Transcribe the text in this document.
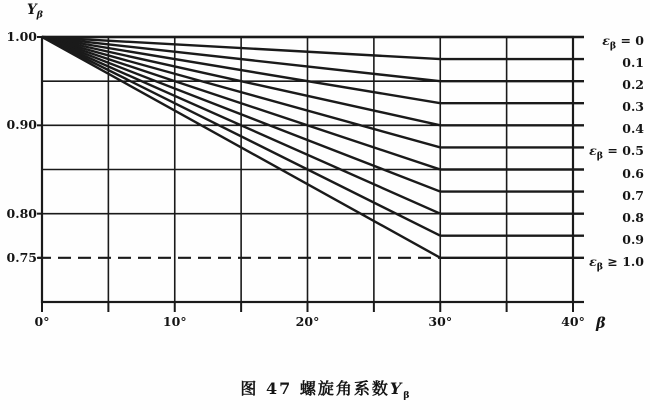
$Y_\beta$
β
1.00
0.90
0.80
0.75
0°	10°	20°	30°	40°
$\varepsilon_\beta = 0$
0.1
0.2
0.3
0.4
$\varepsilon_\beta = 0.5$
0.6
0.7
0.8
0.9
$\varepsilon_\beta \ge 1.0$
图 47 螺旋角系数$Y_\beta$
